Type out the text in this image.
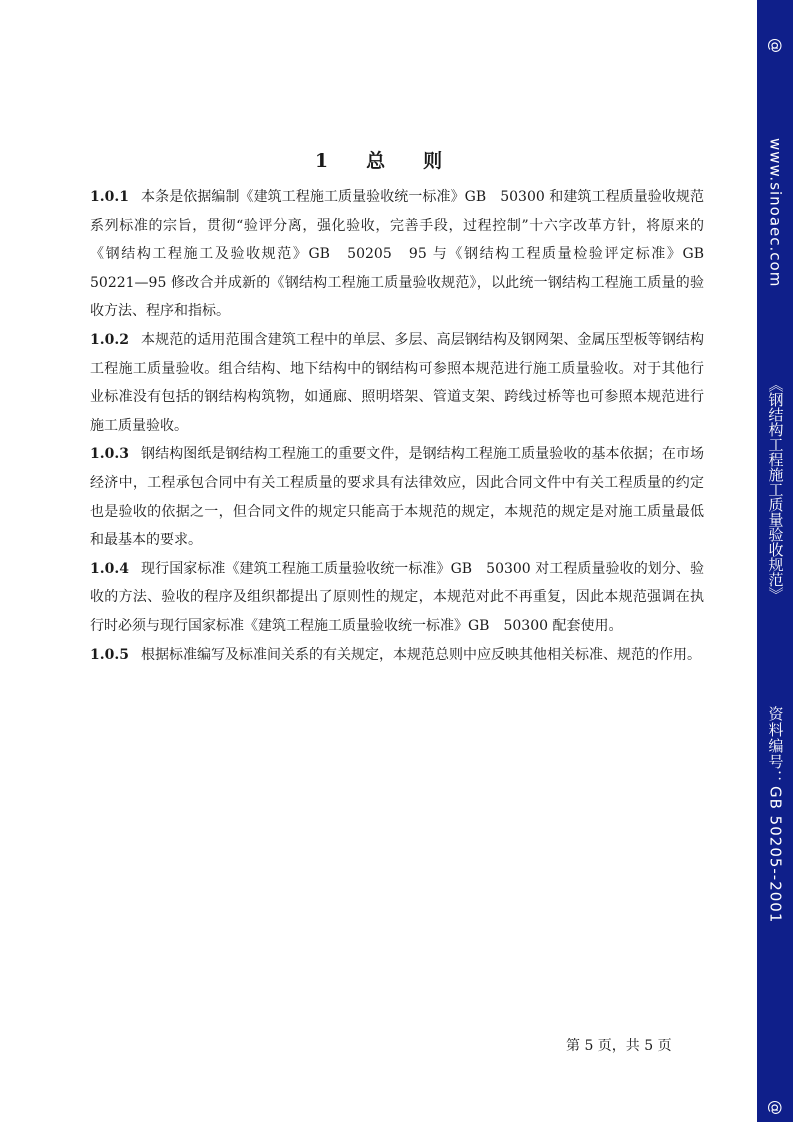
@
www.sinoaec.com
《钢结构工程施工质量验收规范》
资料编号：GB 50205--2001
@
1 总 则

1.0.1 本条是依据编制《建筑工程施工质量验收统一标准》GB　50300 和建筑工程质量验收规范系列标准的宗旨，贯彻“验评分离，强化验收，完善手段，过程控制”十六字改革方针，将原来的《钢结构工程施工及验收规范》GB　50205　95 与《钢结构工程质量检验评定标准》GB　50221—95 修改合并成新的《钢结构工程施工质量验收规范》，以此统一钢结构工程施工质量的验收方法、程序和指标。

1.0.2 本规范的适用范围含建筑工程中的单层、多层、高层钢结构及钢网架、金属压型板等钢结构工程施工质量验收。组合结构、地下结构中的钢结构可参照本规范进行施工质量验收。对于其他行业标准没有包括的钢结构构筑物，如通廊、照明塔架、管道支架、跨线过桥等也可参照本规范进行施工质量验收。

1.0.3 钢结构图纸是钢结构工程施工的重要文件，是钢结构工程施工质量验收的基本依据；在市场经济中，工程承包合同中有关工程质量的要求具有法律效应，因此合同文件中有关工程质量的约定也是验收的依据之一，但合同文件的规定只能高于本规范的规定，本规范的规定是对施工质量最低和最基本的要求。

1.0.4 现行国家标准《建筑工程施工质量验收统一标准》GB　50300 对工程质量验收的划分、验收的方法、验收的程序及组织都提出了原则性的规定，本规范对此不再重复，因此本规范强调在执行时必须与现行国家标准《建筑工程施工质量验收统一标准》GB　50300 配套使用。

1.0.5 根据标准编写及标准间关系的有关规定，本规范总则中应反映其他相关标准、规范的作用。

第 5 页，共 5 页
